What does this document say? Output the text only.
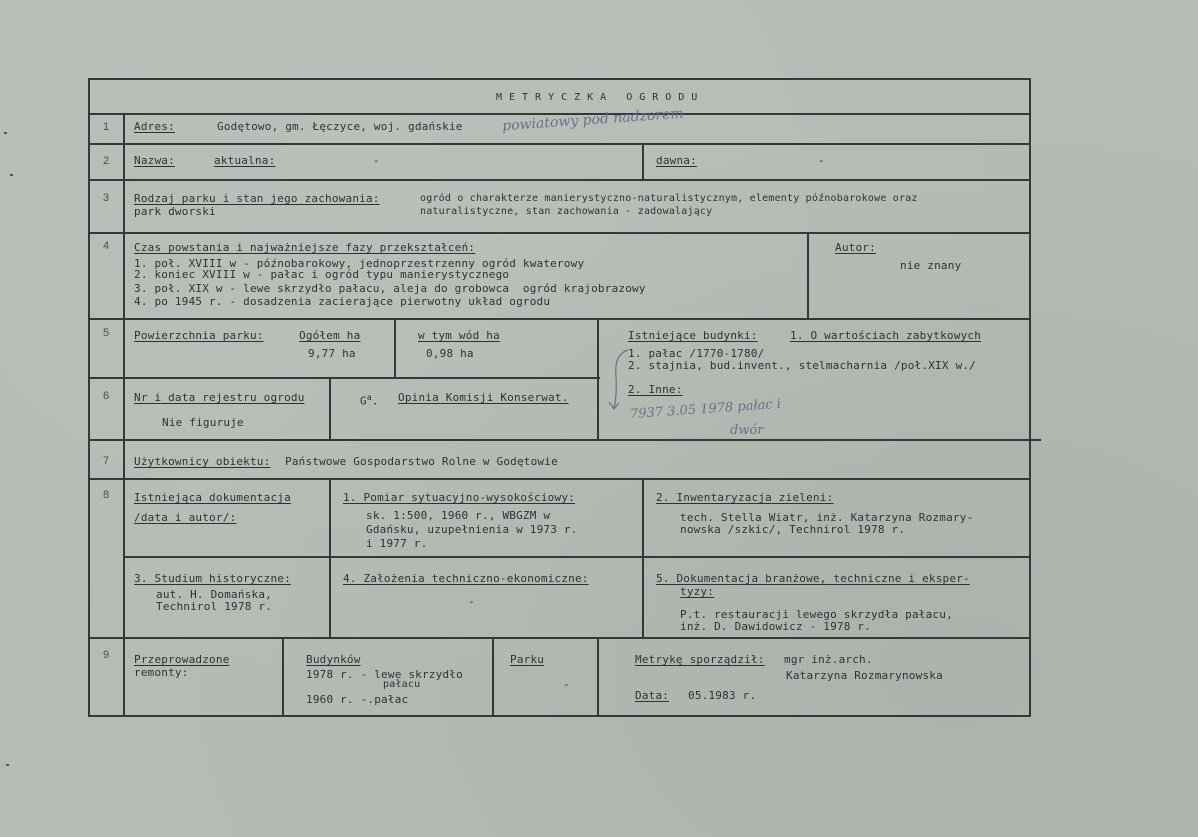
METRYCZKA OGRODU
1 Adres:	Godętowo, gm. Łęczyce, woj. gdańskie	powiatowy pod nadzorem
2 Nazwa:	aktualna:	-	dawna:	-
3 Rodzaj parku i stan jego zachowania:	ogród o charakterze manierystyczno-naturalistycznym, elementy późnobarokowe oraz
park dworski	naturalistyczne, stan zachowania - zadowalający
4 Czas powstania i najważniejsze fazy przekształceń:
1. poł. XVIII w - późnobarokowy, jednoprzestrzenny ogród kwaterowy
2. koniec XVIII w - pałac i ogród typu manierystycznego
3. poł. XIX w - lewe skrzydło pałacu, aleja do grobowca  ogród krajobrazowy
4. po 1945 r. - dosadzenia zacierające pierwotny układ ogrodu
Autor:
nie znany
5 Powierzchnia parku:	Ogółem ha
9,77 ha
w tym wód ha
0,98 ha
Istniejące budynki:	1. O wartościach zabytkowych
1. pałac /1770-1780/
2. stajnia, bud.invent., stelmacharnia /poł.XIX w./
2. Inne:
7937 3.05 1978 pałac i
dwór
6 Nr i data rejestru ogrodu
Nie figuruje
$G^a$. Opinia Komisji Konserwat.
7 Użytkownicy obiektu: Państwowe Gospodarstwo Rolne w Godętowie
8 Istniejąca dokumentacja
/data i autor/:
1. Pomiar sytuacyjno-wysokościowy:
sk. 1:500, 1960 r., WBGZM w
Gdańsku, uzupełnienia w 1973 r.
i 1977 r.
2. Inwentaryzacja zieleni:
tech. Stella Wiatr, inż. Katarzyna Rozmary-
nowska /szkic/, Technirol 1978 r.
3. Studium historyczne:
aut. H. Domańska,
Technirol 1978 r.
4. Założenia techniczno-ekonomiczne:
-
5. Dokumentacja branżowe, techniczne i eksper-
tyzy:
P.t. restauracji lewego skrzydła pałacu,
inż. D. Dawidowicz - 1978 r.
9 Przeprowadzone
remonty:
Budynków
1978 r. - lewe skrzydło
pałacu
1960 r. -.pałac
Parku
-
Metrykę sporządził: mgr inż.arch.
Katarzyna Rozmarynowska
Data: 05.1983 r.
